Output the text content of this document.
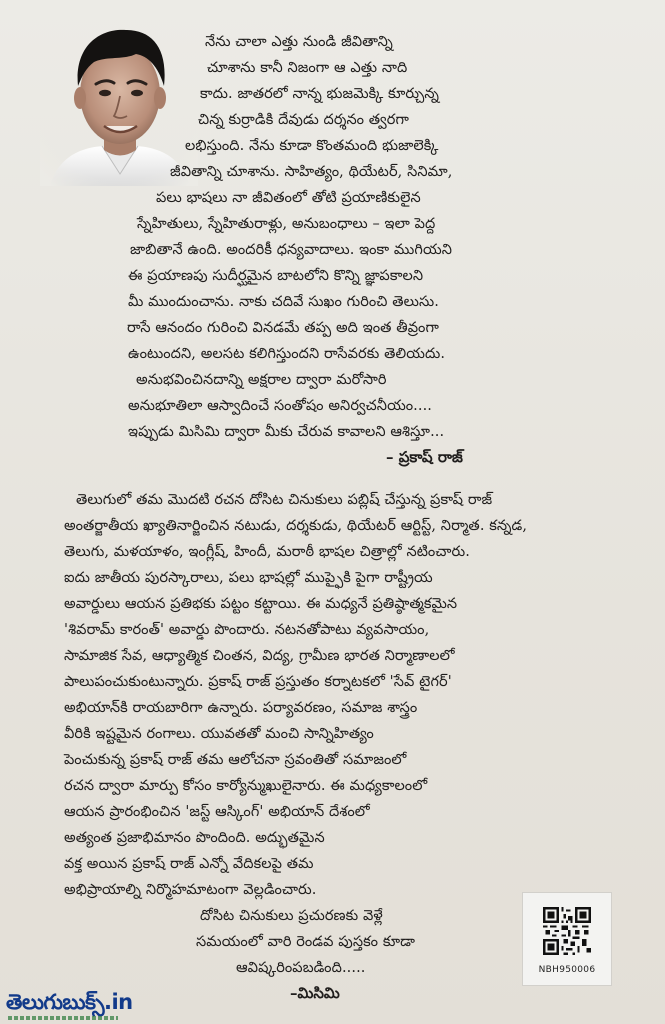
నేను చాలా ఎత్తు నుండి జీవితాన్ని
చూశాను కానీ నిజంగా ఆ ఎత్తు నాది
కాదు. జాతరలో నాన్న భుజమెక్కి కూర్చున్న
చిన్న కుర్రాడికి దేవుడు దర్శనం త్వరగా
లభిస్తుంది. నేను కూడా కొంతమంది భుజాలెక్కి
జీవితాన్ని చూశాను. సాహిత్యం, థియేటర్, సినిమా,
పలు భాషలు నా జీవితంలో తోటి ప్రయాణికులైన
స్నేహితులు, స్నేహితురాళ్లు, అనుబంధాలు – ఇలా పెద్ద
జాబితానే ఉంది. అందరికీ ధన్యవాదాలు. ఇంకా ముగియని
ఈ ప్రయాణపు సుదీర్ఘమైన బాటలోని కొన్ని జ్ఞాపకాలని
మీ ముందుంచాను. నాకు చదివే సుఖం గురించి తెలుసు.
రాసే ఆనందం గురించి వినడమే తప్ప అది ఇంత తీవ్రంగా
ఉంటుందని, అలసట కలిగిస్తుందని రాసేవరకు తెలియదు.
అనుభవించినదాన్ని అక్షరాల ద్వారా మరోసారి
అనుభూతిలా ఆస్వాదించే సంతోషం అనిర్వచనీయం....
ఇప్పుడు మిసిమి ద్వారా మీకు చేరువ కావాలని ఆశిస్తూ...
– ప్రకాష్ రాజ్
తెలుగులో తమ మొదటి రచన దోసిట చినుకులు పబ్లిష్ చేస్తున్న ప్రకాష్ రాజ్
అంతర్జాతీయ ఖ్యాతినార్జించిన నటుడు, దర్శకుడు, థియేటర్ ఆర్టిస్ట్, నిర్మాత. కన్నడ,
తెలుగు, మళయాళం, ఇంగ్లీష్, హిందీ, మరాఠీ భాషల చిత్రాల్లో నటించారు.
ఐదు జాతీయ పురస్కారాలు, పలు భాషల్లో ముప్ఫైకి పైగా రాష్ట్రీయ
అవార్డులు ఆయన ప్రతిభకు పట్టం కట్టాయి. ఈ మధ్యనే ప్రతిష్ఠాత్మకమైన
'శివరామ్ కారంత్' అవార్డు పొందారు. నటనతోపాటు వ్యవసాయం,
సామాజిక సేవ, ఆధ్యాత్మిక చింతన, విద్య, గ్రామీణ భారత నిర్మాణాలలో
పాలుపంచుకుంటున్నారు. ప్రకాష్ రాజ్ ప్రస్తుతం కర్నాటకలో 'సేవ్ టైగర్'
అభియాన్‌కి రాయబారిగా ఉన్నారు. పర్యావరణం, సమాజ శాస్త్రం
వీరికి ఇష్టమైన రంగాలు. యువతతో మంచి సాన్నిహిత్యం
పెంచుకున్న ప్రకాష్ రాజ్ తమ ఆలోచనా స్రవంతితో సమాజంలో
రచన ద్వారా మార్పు కోసం కార్యోన్ముఖులైనారు. ఈ మధ్యకాలంలో
ఆయన ప్రారంభించిన 'జస్ట్ ఆస్కింగ్' అభియాన్ దేశంలో
అత్యంత ప్రజాభిమానం పొందింది. అద్భుతమైన
వక్త అయిన ప్రకాష్ రాజ్ ఎన్నో వేదికలపై తమ
అభిప్రాయాల్ని నిర్మొహమాటంగా వెల్లడించారు.
దోసిట చినుకులు ప్రచురణకు వెళ్లే
సమయంలో వారి రెండవ పుస్తకం కూడా
ఆవిష్కరింపబడింది.....
–మిసిమి
NBH950006
తెలుగుబుక్స్.in
